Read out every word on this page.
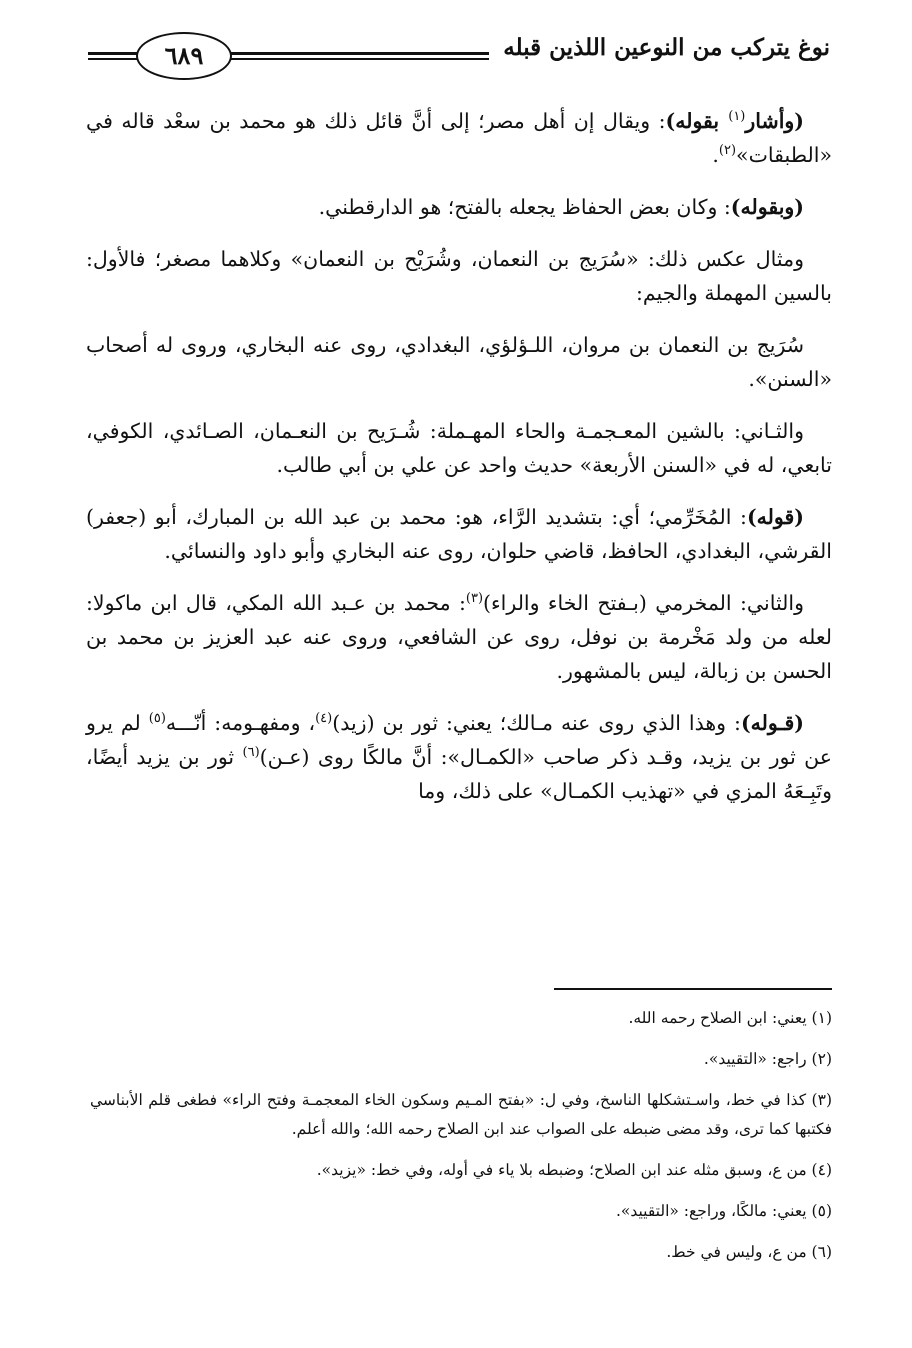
نوغ يتركب من النوعين اللذين قبله
٦٨٩

(وأشار$^{(١)}$ بقوله): ويقال إن أهل مصر؛ إلى أنَّ قائل ذلك هو محمد بن سعْد قاله في «الطبقات»$^{(٢)}$.

(وبقوله): وكان بعض الحفاظ يجعله بالفتح؛ هو الدارقطني.

ومثال عكس ذلك: «سُرَيج بن النعمان، وشُرَيْح بن النعمان» وكلاهما مصغر؛ فالأول: بالسين المهملة والجيم:

سُرَيج بن النعمان بن مروان، اللـؤلؤي، البغدادي، روى عنه البخاري، وروى له أصحاب «السنن».

والثـاني: بالشين المعـجمـة والحاء المهـملة: شُـرَيح بن النعـمان، الصـائدي، الكوفي، تابعي، له في «السنن الأربعة» حديث واحد عن علي بن أبي طالب.

(قوله): المُخَرِّمي؛ أي: بتشديد الرَّاء، هو: محمد بن عبد الله بن المبارك، أبو (جعفر) القرشي، البغدادي، الحافظ، قاضي حلوان، روى عنه البخاري وأبو داود والنسائي.

والثاني: المخرمي (بـفتح الخاء والراء)$^{(٣)}$: محمد بن عـبد الله المكي، قال ابن ماكولا: لعله من ولد مَخْرمة بن نوفل، روى عن الشافعي، وروى عنه عبد العزيز بن محمد بن الحسن بن زبالة، ليس بالمشهور.

(قـوله): وهذا الذي روى عنه مـالك؛ يعني: ثور بن (زيد)$^{(٤)}$، ومفهـومه: أنّـــه$^{(٥)}$ لم يرو عن ثور بن يزيد، وقـد ذكر صاحب «الكمـال»: أنَّ مالكًا روى (عـن)$^{(٦)}$ ثور بن يزيد أيضًا، وتَبِـعَهُ المزي في «تهذيب الكمـال» على ذلك، وما

(١) يعني: ابن الصلاح رحمه الله.
(٢) راجع: «التقييد».
(٣) كذا في خط، واسـتشكلها الناسخ، وفي ل: «بفتح المـيم وسكون الخاء المعجمـة وفتح الراء» فطغى قلم الأبناسي فكتبها كما ترى، وقد مضى ضبطه على الصواب عند ابن الصلاح رحمه الله؛ والله أعلم.
(٤) من ع، وسبق مثله عند ابن الصلاح؛ وضبطه بلا ياء في أوله، وفي خط: «يزيد».
(٥) يعني: مالكًا، وراجع: «التقييد».
(٦) من ع، وليس في خط.
